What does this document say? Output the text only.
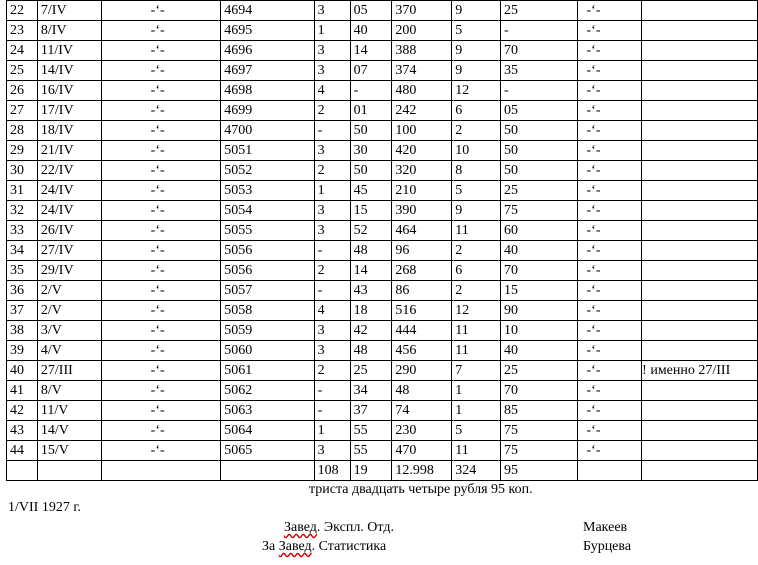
22	7/IV	-‘-	4694	3	05	370	9	25	-‘-	
23	8/IV	-‘-	4695	1	40	200	5	-	-‘-	
24	11/IV	-‘-	4696	3	14	388	9	70	-‘-	
25	14/IV	-‘-	4697	3	07	374	9	35	-‘-	
26	16/IV	-‘-	4698	4	-	480	12	-	-‘-	
27	17/IV	-‘-	4699	2	01	242	6	05	-‘-	
28	18/IV	-‘-	4700	-	50	100	2	50	-‘-	
29	21/IV	-‘-	5051	3	30	420	10	50	-‘-	
30	22/IV	-‘-	5052	2	50	320	8	50	-‘-	
31	24/IV	-‘-	5053	1	45	210	5	25	-‘-	
32	24/IV	-‘-	5054	3	15	390	9	75	-‘-	
33	26/IV	-‘-	5055	3	52	464	11	60	-‘-	
34	27/IV	-‘-	5056	-	48	96	2	40	-‘-	
35	29/IV	-‘-	5056	2	14	268	6	70	-‘-	
36	2/V	-‘-	5057	-	43	86	2	15	-‘-	
37	2/V	-‘-	5058	4	18	516	12	90	-‘-	
38	3/V	-‘-	5059	3	42	444	11	10	-‘-	
39	4/V	-‘-	5060	3	48	456	11	40	-‘-	
40	27/III	-‘-	5061	2	25	290	7	25	-‘-	! именно 27/III
41	8/V	-‘-	5062	-	34	48	1	70	-‘-	
42	11/V	-‘-	5063	-	37	74	1	85	-‘-	
43	14/V	-‘-	5064	1	55	230	5	75	-‘-	
44	15/V	-‘-	5065	3	55	470	11	75	-‘-	
				108	19	12.998	324	95		
триста двадцать четыре рубля 95 коп.
1/VII 1927 г.
Завед. Экспл. Отд.
За Завед. Статистика
Макеев
Бурцева
